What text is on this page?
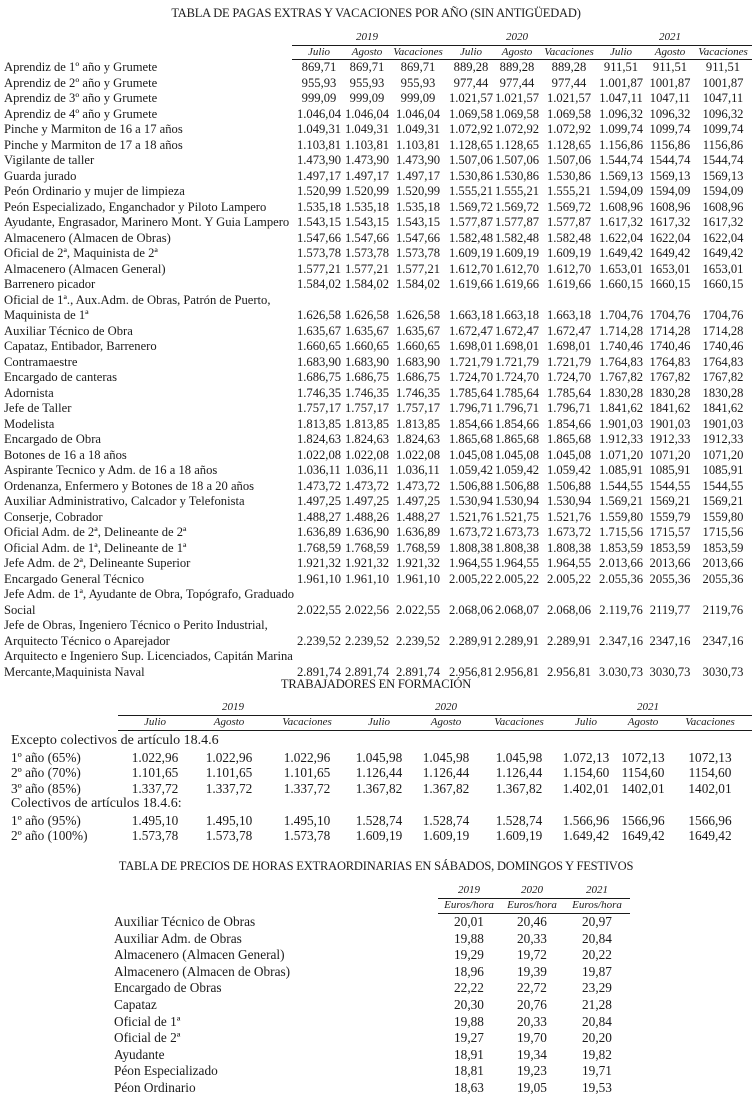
TABLA DE PAGAS EXTRAS Y VACACIONES POR AÑO (SIN ANTIGÜEDAD)
2019	2020	2021
Julio	Agosto Vacaciones	Julio	Agosto	Vacaciones	Julio	Agosto	Vacaciones
Aprendiz de 1º año y Grumete	869,71	869,71	869,71	889,28 889,28	889,28	911,51	911,51	911,51
Aprendiz de 2º año y Grumete	955,93	955,93	955,93	977,44 977,44	977,44	1.001,87 1001,87 1001,87
Aprendiz de 3º año y Grumete	999,09	999,09	999,09	1.021,57 1.021,57 1.021,57 1.047,11 1047,11 1047,11
Aprendiz de 4º año y Grumete	1.046,04 1.046,04 1.046,04 1.069,58 1.069,58 1.069,58 1.096,32 1096,32 1096,32
Pinche y Marmiton de 16 a 17 años	1.049,31 1.049,31 1.049,31 1.072,92 1.072,92 1.072,92 1.099,74 1099,74 1099,74
Pinche y Marmiton de 17 a 18 años	1.103,81 1.103,81 1.103,81 1.128,65 1.128,65 1.128,65 1.156,86 1156,86 1156,86
Vigilante de taller	1.473,90 1.473,90 1.473,90 1.507,06 1.507,06 1.507,06 1.544,74 1544,74 1544,74
Guarda jurado	1.497,17 1.497,17 1.497,17 1.530,86 1.530,86 1.530,86 1.569,13 1569,13 1569,13
Peón Ordinario y mujer de limpieza	1.520,99 1.520,99 1.520,99 1.555,21 1.555,21 1.555,21 1.594,09 1594,09 1594,09
Peón Especializado, Enganchador y Piloto Lampero	1.535,18 1.535,18 1.535,18 1.569,72 1.569,72 1.569,72 1.608,96 1608,96 1608,96
Ayudante, Engrasador, Marinero Mont. Y Guia Lampero 1.543,15 1.543,15 1.543,15 1.577,87 1.577,87 1.577,87 1.617,32 1617,32 1617,32
Almacenero (Almacen de Obras)	1.547,66 1.547,66 1.547,66 1.582,48 1.582,48 1.582,48 1.622,04 1622,04 1622,04
Oficial de 2ª, Maquinista de 2ª	1.573,78 1.573,78 1.573,78 1.609,19 1.609,19 1.609,19 1.649,42 1649,42 1649,42
Almacenero (Almacen General)	1.577,21 1.577,21 1.577,21 1.612,70 1.612,70 1.612,70 1.653,01 1653,01 1653,01
Barrenero picador	1.584,02 1.584,02 1.584,02 1.619,66 1.619,66 1.619,66 1.660,15 1660,15 1660,15
Oficial de 1ª., Aux.Adm. de Obras, Patrón de Puerto,
Maquinista de 1ª	1.626,58 1.626,58 1.626,58 1.663,18 1.663,18 1.663,18 1.704,76 1704,76 1704,76
Auxiliar Técnico de Obra	1.635,67 1.635,67 1.635,67 1.672,47 1.672,47 1.672,47 1.714,28 1714,28 1714,28
Capataz, Entibador, Barrenero	1.660,65 1.660,65 1.660,65 1.698,01 1.698,01 1.698,01 1.740,46 1740,46 1740,46
Contramaestre	1.683,90 1.683,90 1.683,90 1.721,79 1.721,79 1.721,79 1.764,83 1764,83 1764,83
Encargado de canteras	1.686,75 1.686,75 1.686,75 1.724,70 1.724,70 1.724,70 1.767,82 1767,82 1767,82
Adornista	1.746,35 1.746,35 1.746,35 1.785,64 1.785,64 1.785,64 1.830,28 1830,28 1830,28
Jefe de Taller	1.757,17 1.757,17 1.757,17 1.796,71 1.796,71 1.796,71 1.841,62 1841,62 1841,62
Modelista	1.813,85 1.813,85 1.813,85 1.854,66 1.854,66 1.854,66 1.901,03 1901,03 1901,03
Encargado de Obra	1.824,63 1.824,63 1.824,63 1.865,68 1.865,68 1.865,68 1.912,33 1912,33 1912,33
Botones de 16 a 18 años	1.022,08 1.022,08 1.022,08 1.045,08 1.045,08 1.045,08 1.071,20 1071,20 1071,20
Aspirante Tecnico y Adm. de 16 a 18 años	1.036,11 1.036,11 1.036,11 1.059,42 1.059,42 1.059,42 1.085,91 1085,91 1085,91
Ordenanza, Enfermero y Botones de 18 a 20 años	1.473,72 1.473,72 1.473,72 1.506,88 1.506,88 1.506,88 1.544,55 1544,55 1544,55
Auxiliar Administrativo, Calcador y Telefonista	1.497,25 1.497,25 1.497,25 1.530,94 1.530,94 1.530,94 1.569,21 1569,21 1569,21
Conserje, Cobrador	1.488,27 1.488,26 1.488,27 1.521,76 1.521,75 1.521,76 1.559,80 1559,79 1559,80
Oficial Adm. de 2ª, Delineante de 2ª	1.636,89 1.636,90 1.636,89 1.673,72 1.673,73 1.673,72 1.715,56 1715,57 1715,56
Oficial Adm. de 1ª, Delineante de 1ª	1.768,59 1.768,59 1.768,59 1.808,38 1.808,38 1.808,38 1.853,59 1853,59 1853,59
Jefe Adm. de 2ª, Delineante Superior	1.921,32 1.921,32 1.921,32 1.964,55 1.964,55 1.964,55 2.013,66 2013,66 2013,66
Encargado General Técnico	1.961,10 1.961,10 1.961,10 2.005,22 2.005,22 2.005,22 2.055,36 2055,36 2055,36
Jefe Adm. de 1ª, Ayudante de Obra, Topógrafo, Graduado
Social	2.022,55 2.022,56 2.022,55 2.068,06 2.068,07 2.068,06 2.119,76 2119,77 2119,76
Jefe de Obras, Ingeniero Técnico o Perito Industrial,
Arquitecto Técnico o Aparejador	2.239,52 2.239,52 2.239,52 2.289,91 2.289,91 2.289,91 2.347,16 2347,16 2347,16
Arquitecto e Ingeniero Sup. Licenciados, Capitán Marina
Mercante,Maquinista Naval	2.891,74 2.891,74 2.891,74 2.956,81 2.956,81 2.956,81 3.030,73 3030,73 3030,73
TRABAJADORES EN FORMACIÓN
2019	2020	2021
Julio	Agosto	Vacaciones	Julio	Agosto	Vacaciones	Julio	Agosto	Vacaciones
Excepto colectivos de artículo 18.4.6
1º año (65%)	1.022,96	1.022,96	1.022,96	1.045,98	1.045,98	1.045,98	1.072,13 1072,13	1072,13
2º año (70%)	1.101,65	1.101,65	1.101,65	1.126,44	1.126,44	1.126,44	1.154,60 1154,60	1154,60
3º año (85%)	1.337,72	1.337,72	1.337,72	1.367,82	1.367,82	1.367,82	1.402,01 1402,01	1402,01
Colectivos de artículos 18.4.6:
1º año (95%)	1.495,10	1.495,10	1.495,10	1.528,74	1.528,74	1.528,74	1.566,96 1566,96	1566,96
2º año (100%)	1.573,78	1.573,78	1.573,78	1.609,19	1.609,19	1.609,19	1.649,42 1649,42	1649,42
TABLA DE PRECIOS DE HORAS EXTRAORDINARIAS EN SÁBADOS, DOMINGOS Y FESTIVOS
2019	2020	2021
Euros/hora	Euros/hora	Euros/hora
Auxiliar Técnico de Obras	20,01	20,46	20,97
Auxiliar Adm. de Obras	19,88	20,33	20,84
Almacenero (Almacen General)	19,29	19,72	20,22
Almacenero (Almacen de Obras)	18,96	19,39	19,87
Encargado de Obras	22,22	22,72	23,29
Capataz	20,30	20,76	21,28
Oficial de 1ª	19,88	20,33	20,84
Oficial de 2ª	19,27	19,70	20,20
Ayudante	18,91	19,34	19,82
Péon Especializado	18,81	19,23	19,71
Péon Ordinario	18,63	19,05	19,53
